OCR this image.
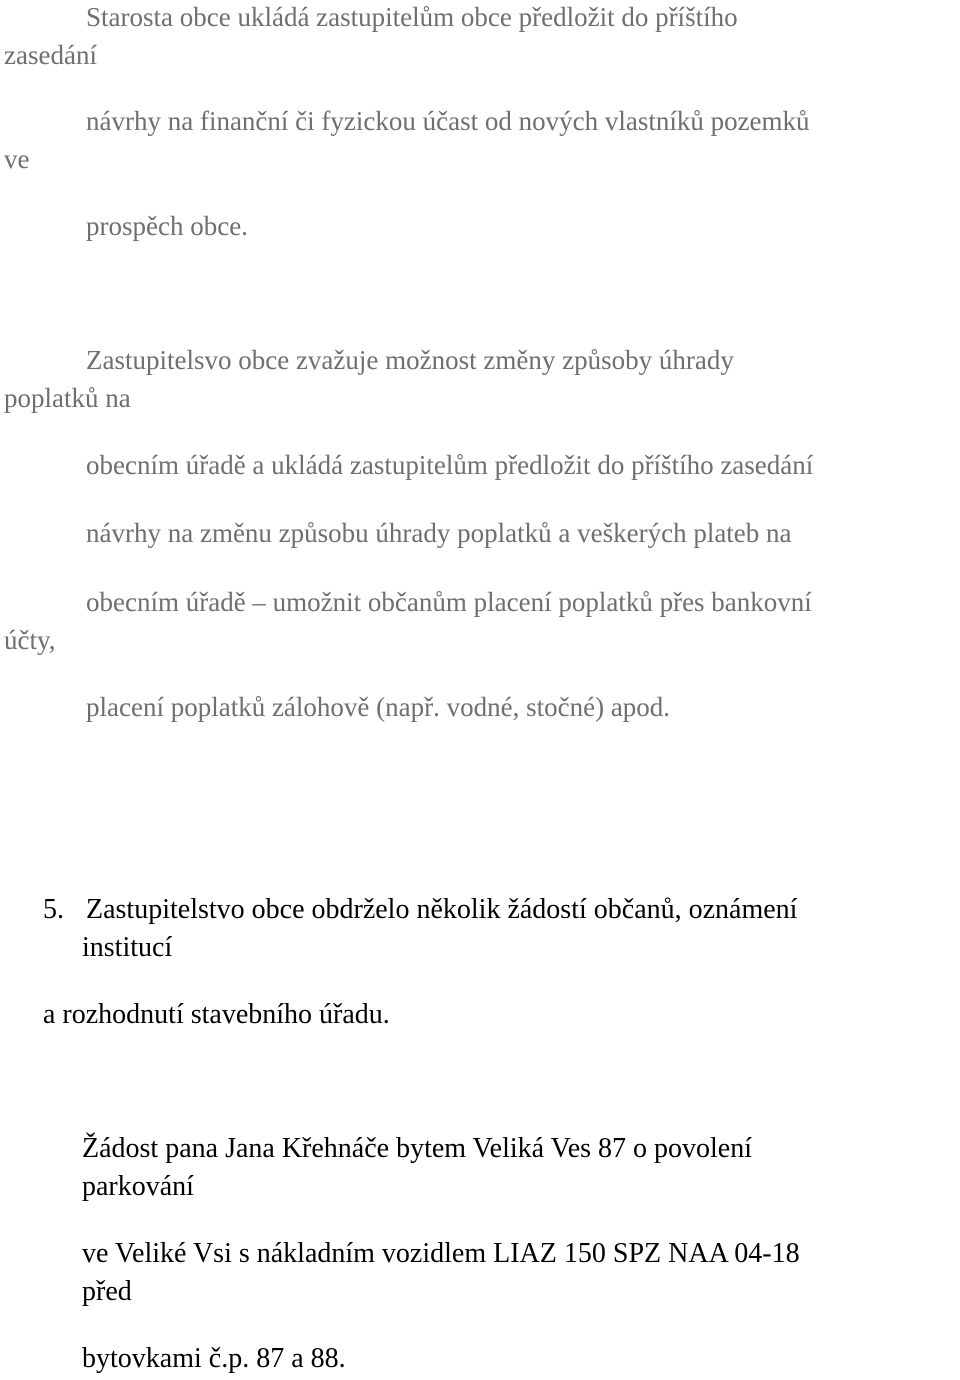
Starosta obce ukládá zastupitelům obce předložit do příštího
zasedání
návrhy na finanční či fyzickou účast od nových vlastníků pozemků
ve
prospěch obce.
Zastupitelsvo obce zvažuje možnost změny způsoby úhrady
poplatků na
obecním úřadě a ukládá zastupitelům předložit do příštího zasedání
návrhy na změnu způsobu úhrady poplatků a veškerých plateb na
obecním úřadě – umožnit občanům placení poplatků přes bankovní
účty,
placení poplatků zálohově (např. vodné, stočné) apod.
5. Zastupitelstvo obce obdrželo několik žádostí občanů, oznámení
institucí
a rozhodnutí stavebního úřadu.
Žádost pana Jana Křehnáče bytem Veliká Ves 87 o povolení
parkování
ve Veliké Vsi s nákladním vozidlem LIAZ 150 SPZ NAA 04-18
před
bytovkami č.p. 87 a 88.
